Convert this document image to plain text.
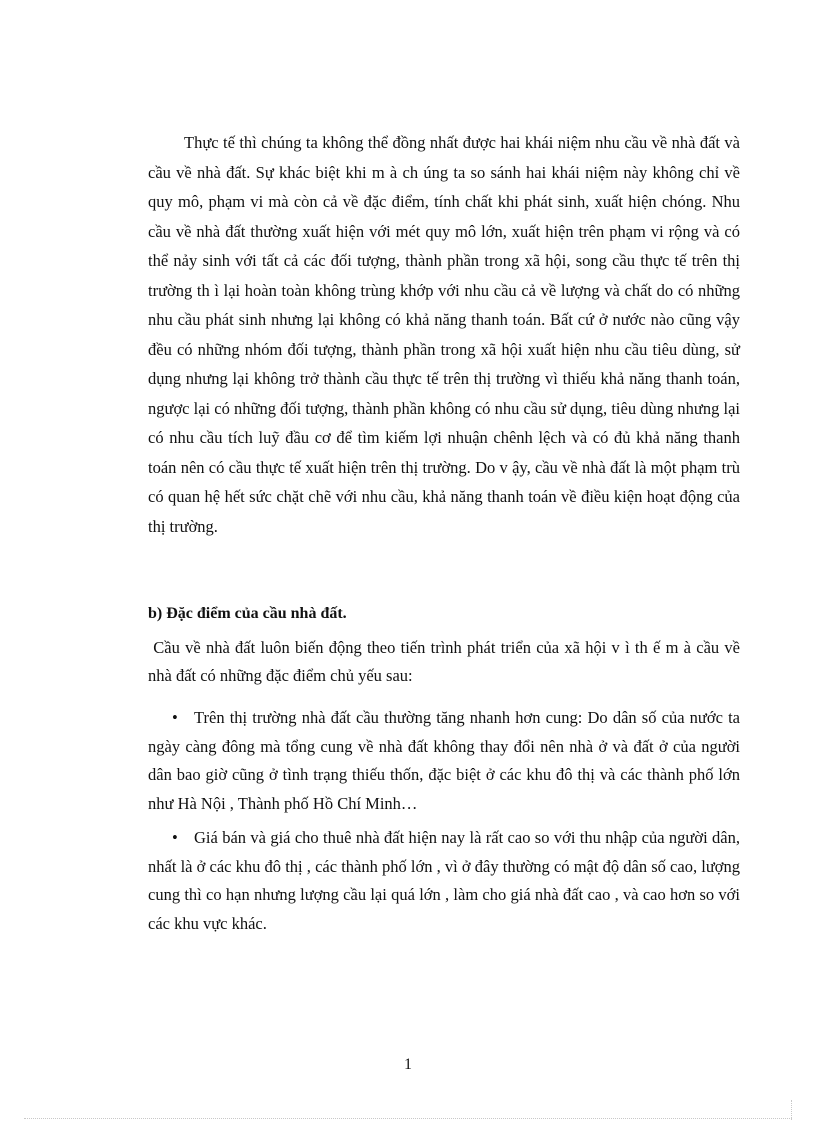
Thực tế thì chúng ta không thể đồng nhất được hai khái niệm nhu cầu về nhà đất và cầu về nhà đất. Sự khác biệt khi m à ch úng ta so sánh hai khái niệm này không chỉ về quy mô, phạm vi mà còn cả về đặc điểm, tính chất khi phát sinh, xuất hiện chóng. Nhu cầu về nhà đất thường xuất hiện với mét quy mô lớn, xuất hiện trên phạm vi rộng và có thể nảy sinh với tất cả các đối tượng, thành phần trong xã hội, song cầu thực tế trên thị trường th ì lại hoàn toàn không trùng khớp với nhu cầu cả về lượng và chất do có những nhu cầu phát sinh nhưng lại không có khả năng thanh toán. Bất cứ ở nước nào cũng vậy đều có những nhóm đối tượng, thành phần trong xã hội xuất hiện nhu cầu tiêu dùng, sử dụng nhưng lại không trở thành cầu thực tế trên thị trường vì thiếu khả năng thanh toán, ngược lại có những đối tượng, thành phần không có nhu cầu sử dụng, tiêu dùng nhưng lại có nhu cầu tích luỹ đầu cơ để tìm kiếm lợi nhuận chênh lệch và có đủ khả năng thanh toán nên có cầu thực tế xuất hiện trên thị trường. Do v ậy, cầu về nhà đất là một phạm trù có quan hệ hết sức chặt chẽ với nhu cầu, khả năng thanh toán về điều kiện hoạt động của thị trường.

b) Đặc điểm của cầu nhà đất.

Cầu về nhà đất luôn biến động theo tiến trình phát triển của xã hội v ì th ế m à cầu về nhà đất có những đặc điểm chủ yếu sau:

• Trên thị trường nhà đất cầu thường tăng nhanh hơn cung: Do dân số của nước ta ngày càng đông mà tổng cung về nhà đất không thay đổi nên nhà ở và đất ở của người dân bao giờ cũng ở tình trạng thiếu thốn, đặc biệt ở các khu đô thị và các thành phố lớn như Hà Nội , Thành phố Hồ Chí Minh…

• Giá bán và giá cho thuê nhà đất hiện nay là rất cao so với thu nhập của người dân, nhất là ở các khu đô thị , các thành phố lớn , vì ở đây thường có mật độ dân số cao, lượng cung thì co hạn nhưng lượng cầu lại quá lớn , làm cho giá nhà đất cao , và cao hơn so với các khu vực khác.

1
